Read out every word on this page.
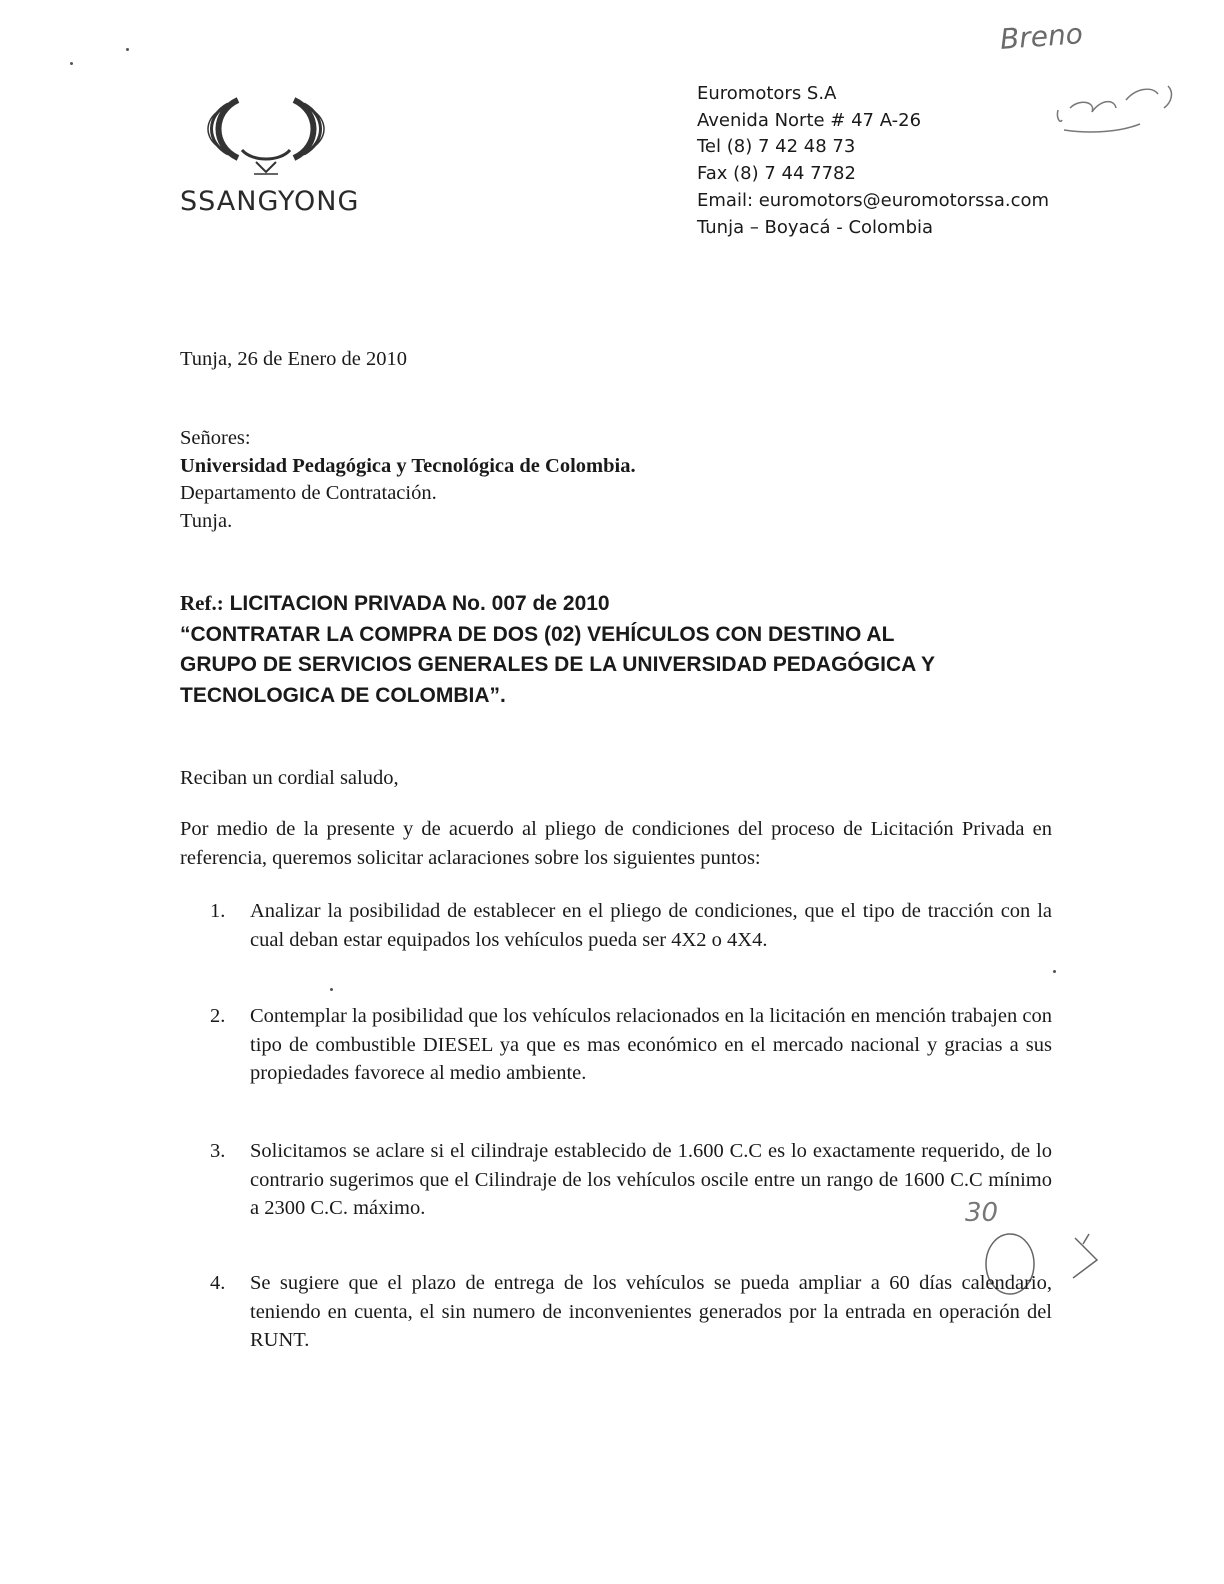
SSANGYONG
Euromotors S.A
Avenida Norte # 47 A-26
Tel (8) 7 42 48 73
Fax (8) 7 44 7782
Email: euromotors@euromotorssa.com
Tunja – Boyacá - Colombia
Breno
30
Tunja, 26 de Enero de 2010
Señores:
Universidad Pedagógica y Tecnológica de Colombia.
Departamento de Contratación.
Tunja.
Ref.: LICITACION PRIVADA No. 007 de 2010
“CONTRATAR LA COMPRA DE DOS (02) VEHÍCULOS CON DESTINO AL
GRUPO DE SERVICIOS GENERALES DE LA UNIVERSIDAD PEDAGÓGICA Y
TECNOLOGICA DE COLOMBIA”.
Reciban un cordial saludo,
Por medio de la presente y de acuerdo al pliego de condiciones del proceso de Licitación Privada en referencia, queremos solicitar aclaraciones sobre los siguientes puntos:
1. Analizar la posibilidad de establecer en el pliego de condiciones, que el tipo de tracción con la cual deban estar equipados los vehículos pueda ser 4X2 o 4X4.
2. Contemplar la posibilidad que los vehículos relacionados en la licitación en mención trabajen con tipo de combustible DIESEL ya que es mas económico en el mercado nacional y gracias a sus propiedades favorece al medio ambiente.
3. Solicitamos se aclare si el cilindraje establecido de 1.600 C.C es lo exactamente requerido, de lo contrario sugerimos que el Cilindraje de los vehículos oscile entre un rango de 1600 C.C mínimo a 2300 C.C. máximo.
4. Se sugiere que el plazo de entrega de los vehículos se pueda ampliar a 60 días calendario, teniendo en cuenta, el sin numero de inconvenientes generados por la entrada en operación del RUNT.
